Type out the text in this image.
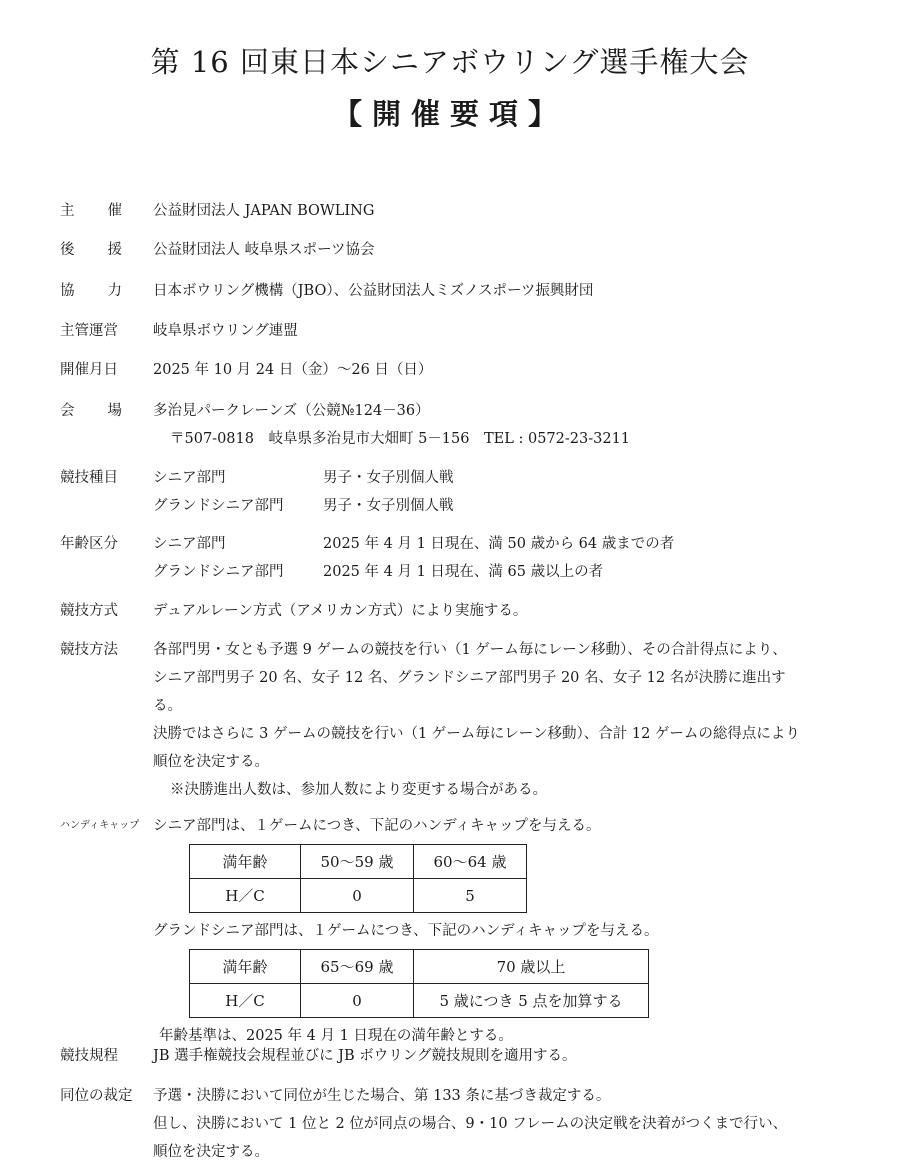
第 16 回東日本シニアボウリング選手権大会
【開催要項】
主 催 公益財団法人 JAPAN BOWLING
後 援 公益財団法人 岐阜県スポーツ協会
協 力 日本ボウリング機構（JBO）、公益財団法人ミズノスポーツ振興財団
主管運営 岐阜県ボウリング連盟
開催月日 2025 年 10 月 24 日（金）～26 日（日）
会 場 多治見パークレーンズ（公競№124－36）
〒507-0818　岐阜県多治見市大畑町 5－156　TEL : 0572-23-3211
競技種目 シニア部門	男子・女子別個人戦
グランドシニア部門	男子・女子別個人戦
年齢区分 シニア部門	2025 年 4 月 1 日現在、満 50 歳から 64 歳までの者
グランドシニア部門	2025 年 4 月 1 日現在、満 65 歳以上の者
競技方式 デュアルレーン方式（アメリカン方式）により実施する。
競技方法 各部門男・女とも予選 9 ゲームの競技を行い（1 ゲーム毎にレーン移動）、その合計得点により、
シニア部門男子 20 名、女子 12 名、グランドシニア部門男子 20 名、女子 12 名が決勝に進出す
る。
決勝ではさらに 3 ゲームの競技を行い（1 ゲーム毎にレーン移動）、合計 12 ゲームの総得点により
順位を決定する。
※決勝進出人数は、参加人数により変更する場合がある。
ハンディキャップ シニア部門は、１ゲームにつき、下記のハンディキャップを与える。
満年齢	50～59 歳	60～64 歳
H／C	0	5
グランドシニア部門は、１ゲームにつき、下記のハンディキャップを与える。
満年齢	65～69 歳	70 歳以上
H／C	0	5 歳につき 5 点を加算する
年齢基準は、2025 年 4 月 1 日現在の満年齢とする。
競技規程 JB 選手権競技会規程並びに JB ボウリング競技規則を適用する。
同位の裁定 予選・決勝において同位が生じた場合、第 133 条に基づき裁定する。
但し、決勝において 1 位と 2 位が同点の場合、9・10 フレームの決定戦を決着がつくまで行い、
順位を決定する。
